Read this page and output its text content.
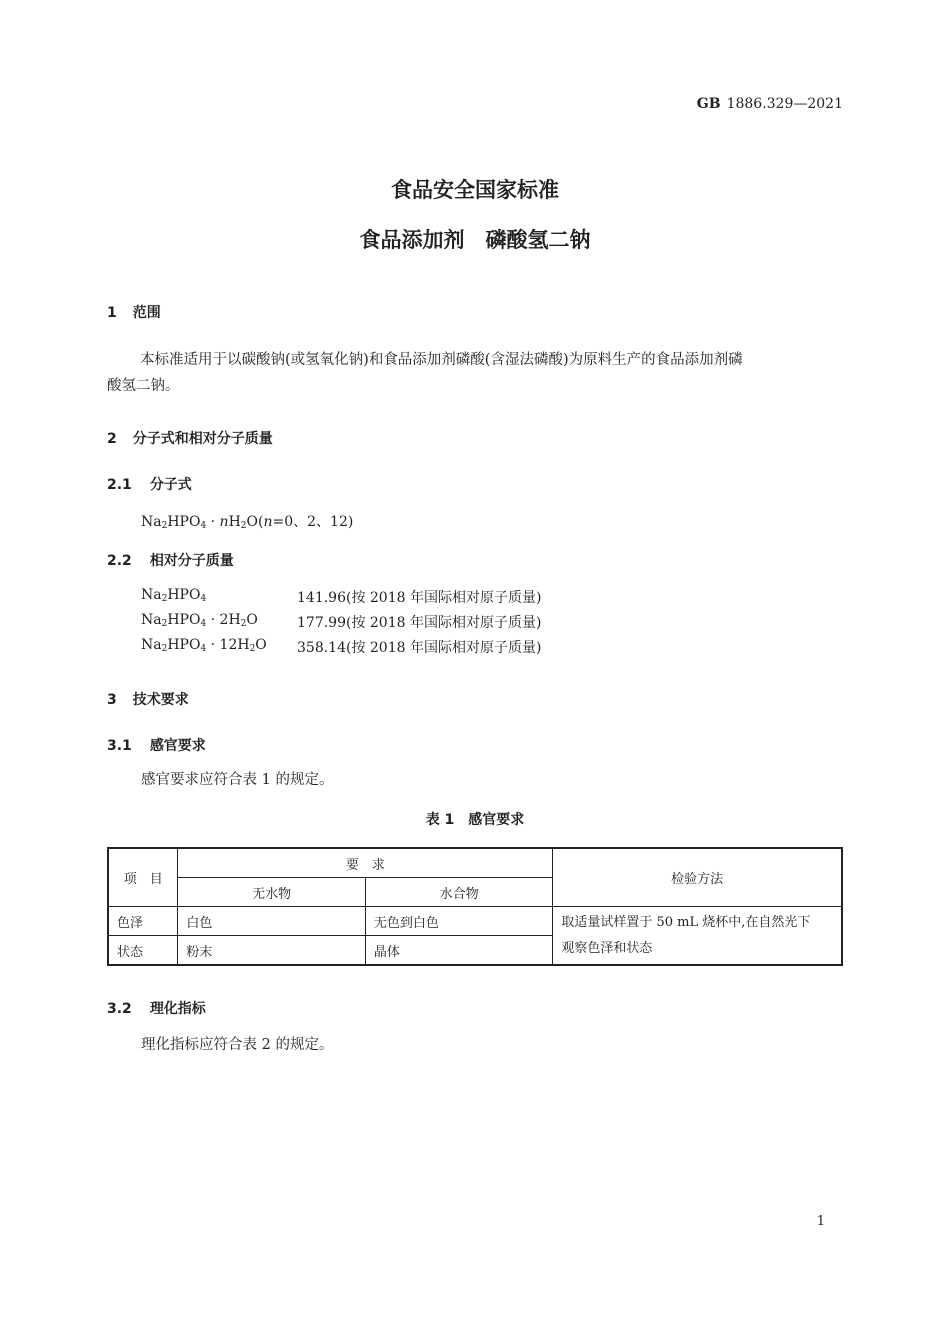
GB 1886.329—2021
食品安全国家标准
食品添加剂　磷酸氢二钠
1 范围
本标准适用于以碳酸钠(或氢氧化钠)和食品添加剂磷酸(含湿法磷酸)为原料生产的食品添加剂磷
酸氢二钠。
2 分子式和相对分子质量
2.1 分子式
$Na_2HPO_4 \cdot nH_2O(n=0$、2、12)
2.2 相对分子质量
$Na_2HPO_4$	141.96(按 2018 年国际相对原子质量)
$Na_2HPO_4 \cdot 2H_2O$	177.99(按 2018 年国际相对原子质量)
$Na_2HPO_4 \cdot 12H_2O$ 358.14(按 2018 年国际相对原子质量)
3 技术要求
3.1 感官要求
感官要求应符合表 1 的规定。
表 1　感官要求
项　目	要　求		检验方法
	无水物	水合物	
色泽	白色	无色到白色	取适量试样置于 50 mL 烧杯中,在自然光下
观察色泽和状态

状态	粉末	晶体	
3.2 理化指标
理化指标应符合表 2 的规定。
1
